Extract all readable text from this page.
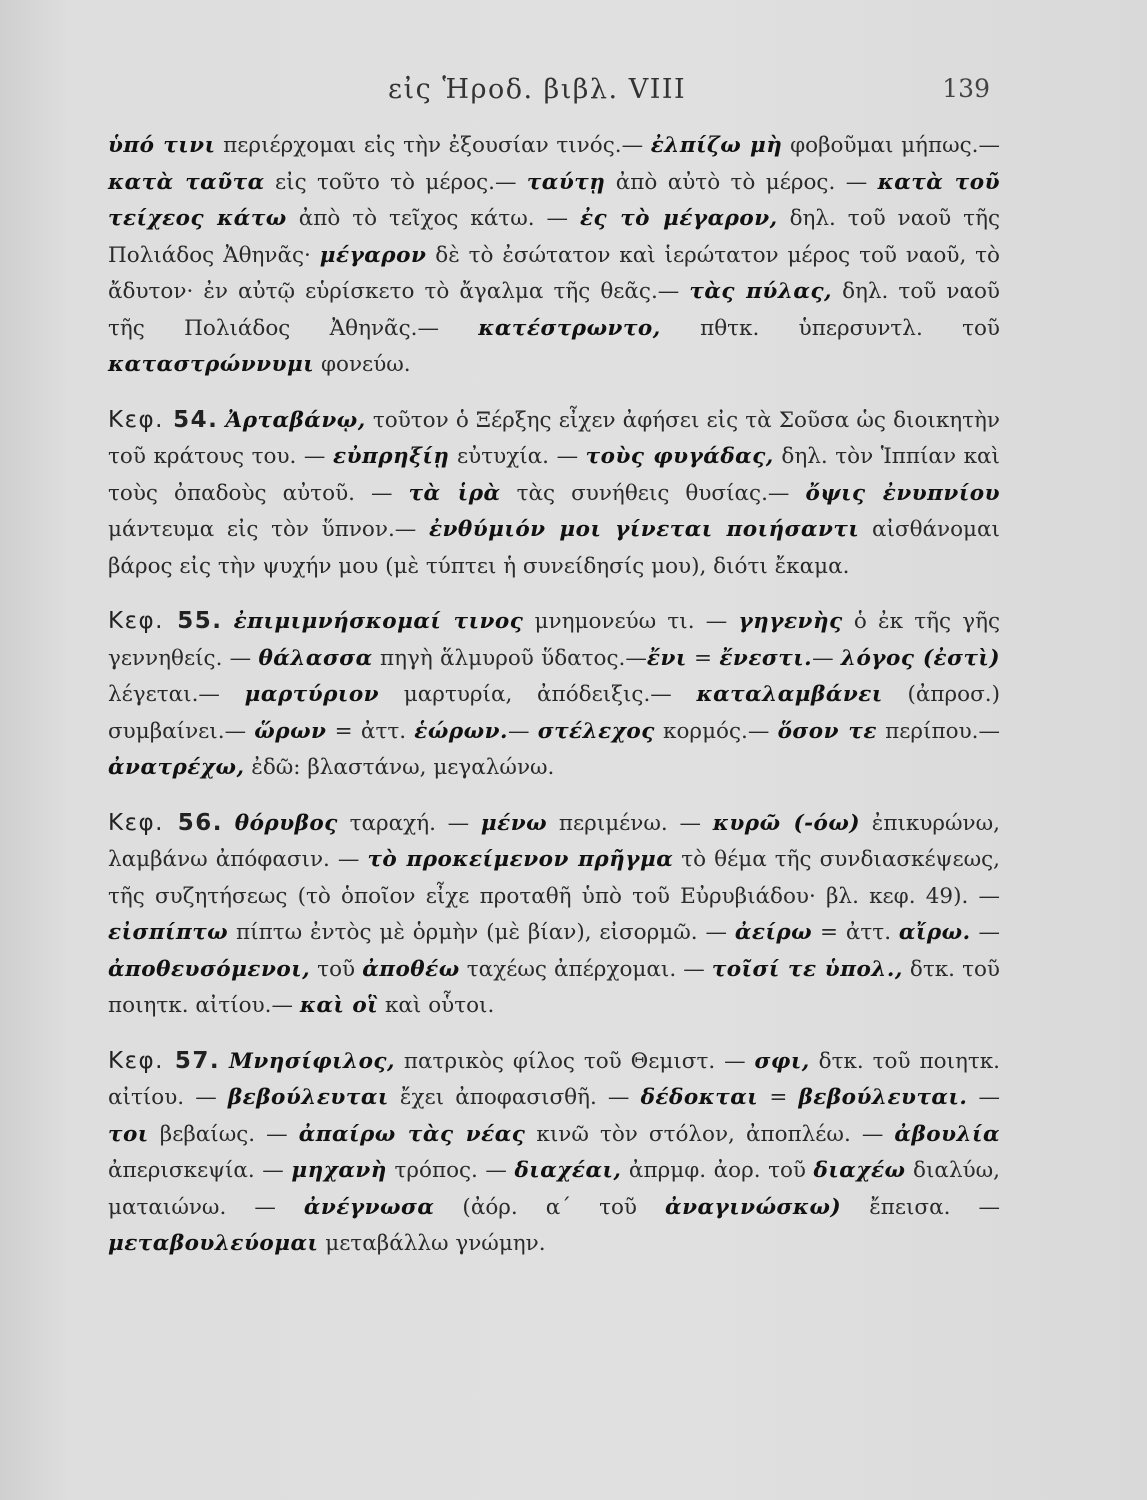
εἰς Ἡροδ. βιβλ. VIII	139

ὑπό τινι περιέρχομαι εἰς τὴν ἐξουσίαν τινός.— ἐλπίζω μὴ φοβοῦμαι μήπως.— κατὰ ταῦτα εἰς τοῦτο τὸ μέρος.— ταύτῃ ἀπὸ αὐτὸ τὸ μέρος. — κατὰ τοῦ τείχεος κάτω ἀπὸ τὸ τεῖχος κάτω. — ἐς τὸ μέγαρον, δηλ. τοῦ ναοῦ τῆς Πολιάδος Ἀθηνᾶς· μέγαρον δὲ τὸ ἐσώτατον καὶ ἱερώτατον μέρος τοῦ ναοῦ, τὸ ἄδυτον· ἐν αὐτῷ εὑρίσκετο τὸ ἄγαλμα τῆς θεᾶς.— τὰς πύλας, δηλ. τοῦ ναοῦ τῆς Πολιάδος Ἀθηνᾶς.— κατέστρωντο, πθτκ. ὑπερσυντλ. τοῦ καταστρώννυμι φονεύω.

Κεφ. 54. Ἀρταβάνῳ, τοῦτον ὁ Ξέρξης εἶχεν ἀφήσει εἰς τὰ Σοῦσα ὡς διοικητὴν τοῦ κράτους του. — εὐπρηξίῃ εὐτυχία. — τοὺς φυγάδας, δηλ. τὸν Ἱππίαν καὶ τοὺς ὀπαδοὺς αὐτοῦ. — τὰ ἱρὰ τὰς συνήθεις θυσίας.— ὄψις ἐνυπνίου μάντευμα εἰς τὸν ὕπνον.— ἐνθύμιόν μοι γίνεται ποιήσαντι αἰσθάνομαι βάρος εἰς τὴν ψυχήν μου (μὲ τύπτει ἡ συνείδησίς μου), διότι ἔκαμα.

Κεφ. 55. ἐπιμιμνήσκομαί τινος μνημονεύω τι. — γηγενὴς ὁ ἐκ τῆς γῆς γεννηθείς. — θάλασσα πηγὴ ἅλμυροῦ ὕδατος.—ἔνι = ἔνεστι.— λόγος (ἐστὶ) λέγεται.— μαρτύριον μαρτυρία, ἀπόδειξις.— καταλαμβάνει (ἀπροσ.) συμβαίνει.— ὥρων = ἀττ. ἑώρων.— στέλεχος κορμός.— ὅσον τε περίπου.—ἀνατρέχω, ἐδῶ: βλαστάνω, μεγαλώνω.

Κεφ. 56. θόρυβος ταραχή. — μένω περιμένω. — κυρῶ (-όω) ἐπικυρώνω, λαμβάνω ἀπόφασιν. — τὸ προκείμενον πρῆγμα τὸ θέμα τῆς συνδιασκέψεως, τῆς συζητήσεως (τὸ ὁποῖον εἶχε προταθῆ ὑπὸ τοῦ Εὐρυβιάδου· βλ. κεφ. 49). — εἰσπίπτω πίπτω ἐντὸς μὲ ὁρμὴν (μὲ βίαν), εἰσορμῶ. — ἀείρω = ἀττ. αἴρω. — ἀποθευσόμενοι, τοῦ ἀποθέω ταχέως ἀπέρχομαι. — τοῖσί τε ὑπολ., δτκ. τοῦ ποιητκ. αἰτίου.— καὶ οἳ καὶ οὗτοι.

Κεφ. 57. Μνησίφιλος, πατρικὸς φίλος τοῦ Θεμιστ. — σφι, δτκ. τοῦ ποιητκ. αἰτίου. — βεβούλευται ἔχει ἀποφασισθῆ. — δέδοκται = βεβούλευται. — τοι βεβαίως. — ἀπαίρω τὰς νέας κινῶ τὸν στόλον, ἀποπλέω. — ἀβουλία ἀπερισκεψία. — μηχανὴ τρόπος. — διαχέαι, ἀπρμφ. ἀορ. τοῦ διαχέω διαλύω, ματαιώνω. — ἀνέγνωσα (ἀόρ. α΄ τοῦ ἀναγινώσκω) ἔπεισα. — μεταβουλεύομαι μεταβάλλω γνώμην.
